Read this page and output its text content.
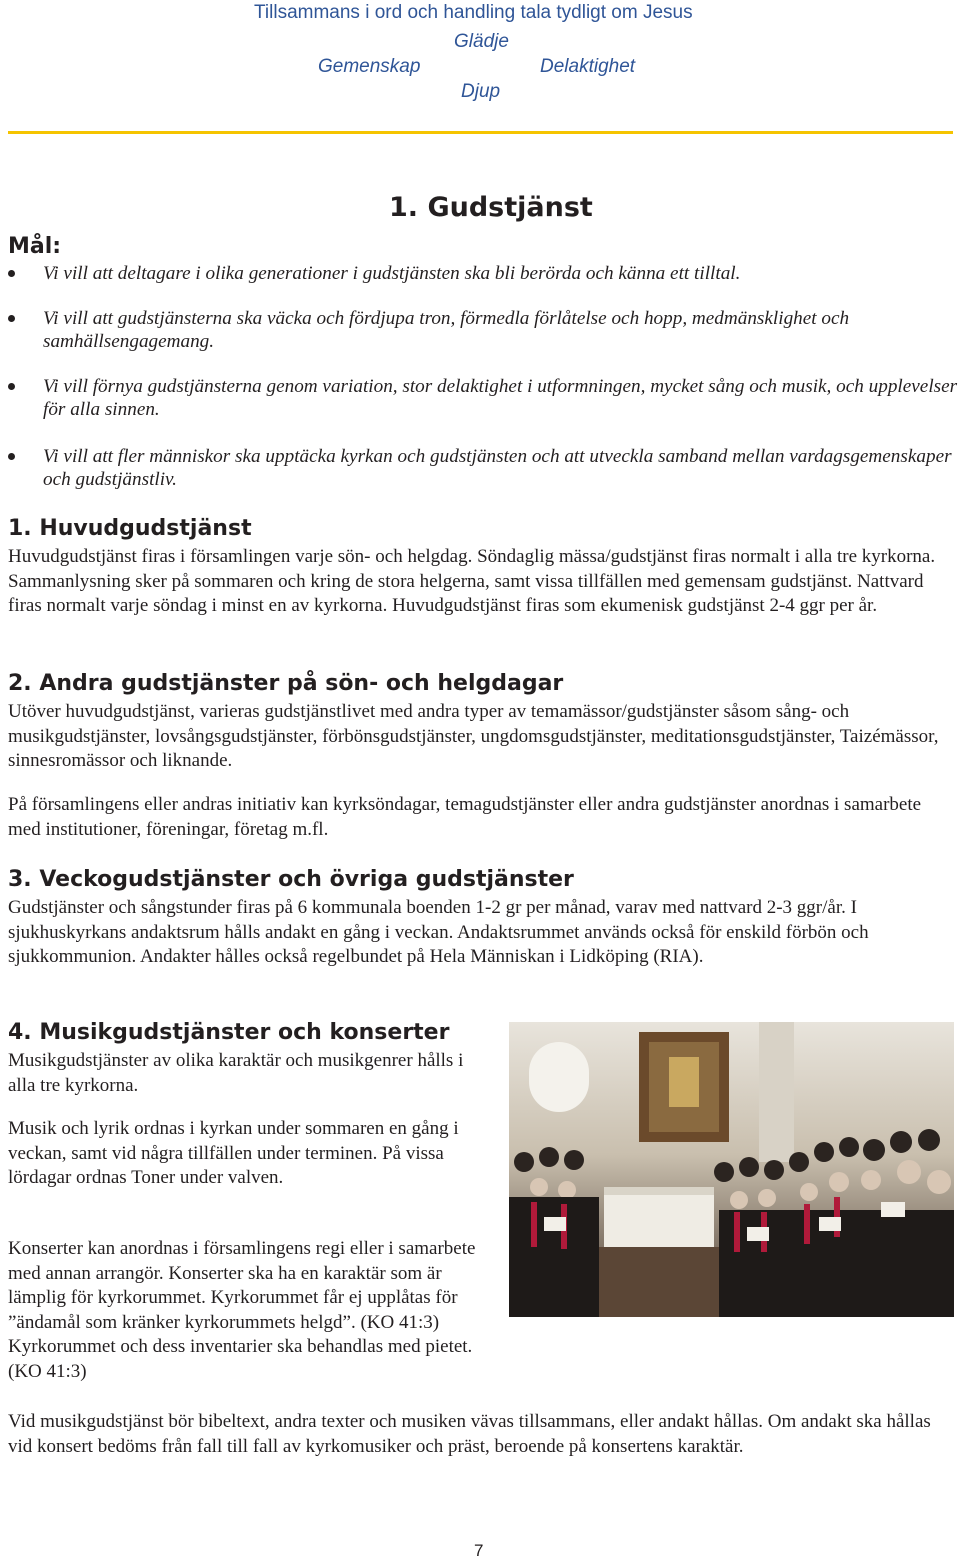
Tillsammans i ord och handling tala tydligt om Jesus
Glädje
Gemenskap	Delaktighet
Djup
1. Gudstjänst
Mål:
Vi vill att deltagare i olika generationer i gudstjänsten ska bli berörda och känna ett tilltal.
Vi vill att gudstjänsterna ska väcka och fördjupa tron, förmedla förlåtelse och hopp, medmänsklighet och samhällsengagemang.
Vi vill förnya gudstjänsterna genom variation, stor delaktighet i utformningen, mycket sång och musik, och upplevelser för alla sinnen.
Vi vill att fler människor ska upptäcka kyrkan och gudstjänsten och att utveckla samband mellan vardagsgemenskaper och gudstjänstliv.
1. Huvudgudstjänst
Huvudgudstjänst firas i församlingen varje sön- och helgdag. Söndaglig mässa/gudstjänst firas normalt i alla tre kyrkorna. Sammanlysning sker på sommaren och kring de stora helgerna, samt vissa tillfällen med gemensam gudstjänst. Nattvard firas normalt varje söndag i minst en av kyrkorna. Huvudgudstjänst firas som ekumenisk gudstjänst 2-4 ggr per år.
2. Andra gudstjänster på sön- och helgdagar
Utöver huvudgudstjänst, varieras gudstjänstlivet med andra typer av temamässor/gudstjänster såsom sång- och musikgudstjänster, lovsångsgudstjänster, förbönsgudstjänster, ungdomsgudstjänster, meditationsgudstjänster, Taizémässor, sinnesromässor och liknande.
På församlingens eller andras initiativ kan kyrksöndagar, temagudstjänster eller andra gudstjänster anordnas i samarbete med institutioner, föreningar, företag m.fl.
3. Veckogudstjänster och övriga gudstjänster
Gudstjänster och sångstunder firas på 6 kommunala boenden 1-2 gr per månad, varav med nattvard 2-3 ggr/år. I sjukhuskyrkans andaktsrum hålls andakt en gång i veckan. Andaktsrummet används också för enskild förbön och sjukkommunion. Andakter hålles också regelbundet på Hela Människan i Lidköping (RIA).
4. Musikgudstjänster och konserter
Musikgudstjänster av olika karaktär och musikgenrer hålls i alla tre kyrkorna.
Musik och lyrik ordnas i kyrkan under sommaren en gång i veckan, samt vid några tillfällen under terminen. På vissa lördagar ordnas Toner under valven.
Konserter kan anordnas i församlingens regi eller i samarbete med annan arrangör. Konserter ska ha en karaktär som är lämplig för kyrkorummet. Kyrkorummet får ej upplåtas för ”ändamål som kränker kyrkorummets helgd”. (KO 41:3) Kyrkorummet och dess inventarier ska behandlas med pietet. (KO 41:3)
Vid musikgudstjänst bör bibeltext, andra texter och musiken vävas tillsammans, eller andakt hållas. Om andakt ska hållas vid konsert bedöms från fall till fall av kyrkomusiker och präst, beroende på konsertens karaktär.
7
